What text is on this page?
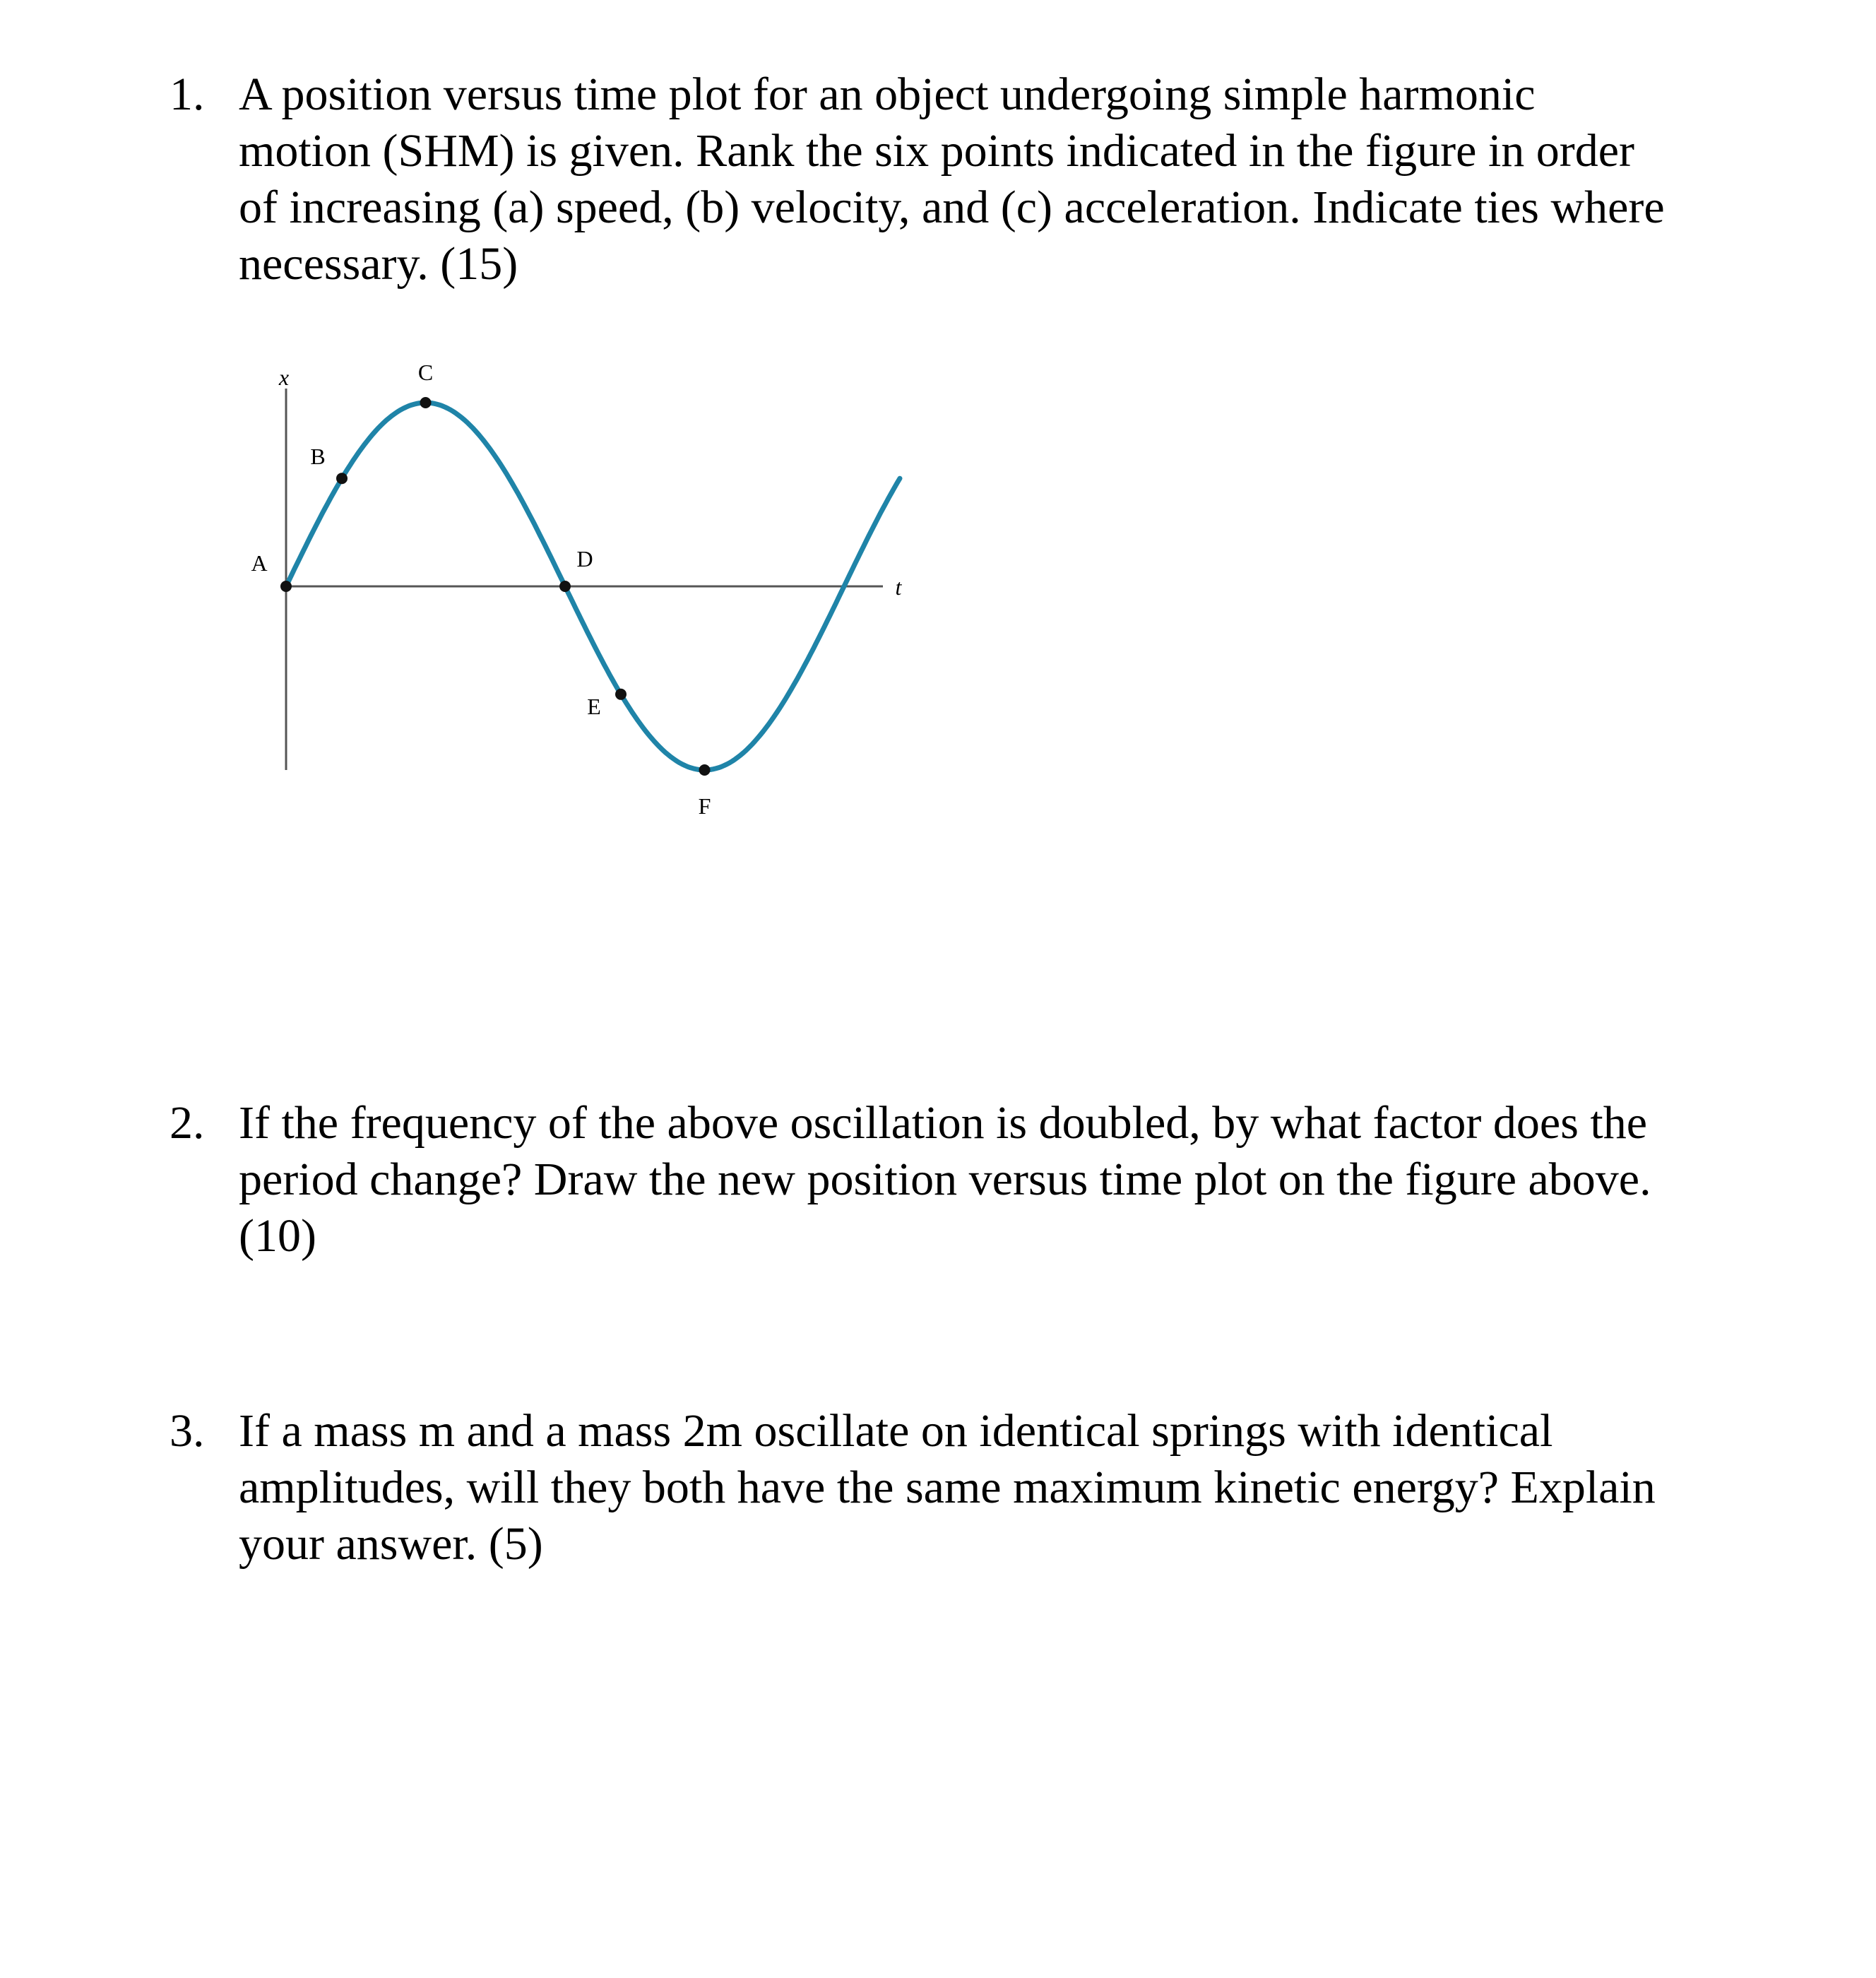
1. A position versus time plot for an object undergoing simple harmonic
motion (SHM) is given. Rank the six points indicated in the figure in order
of increasing (a) speed, (b) velocity, and (c) acceleration. Indicate ties where
necessary. (15)
x
t
A
B
C
D
E
F
2. If the frequency of the above oscillation is doubled, by what factor does the
period change? Draw the new position versus time plot on the figure above.
(10)
3. If a mass m and a mass 2m oscillate on identical springs with identical
amplitudes, will they both have the same maximum kinetic energy? Explain
your answer. (5)
